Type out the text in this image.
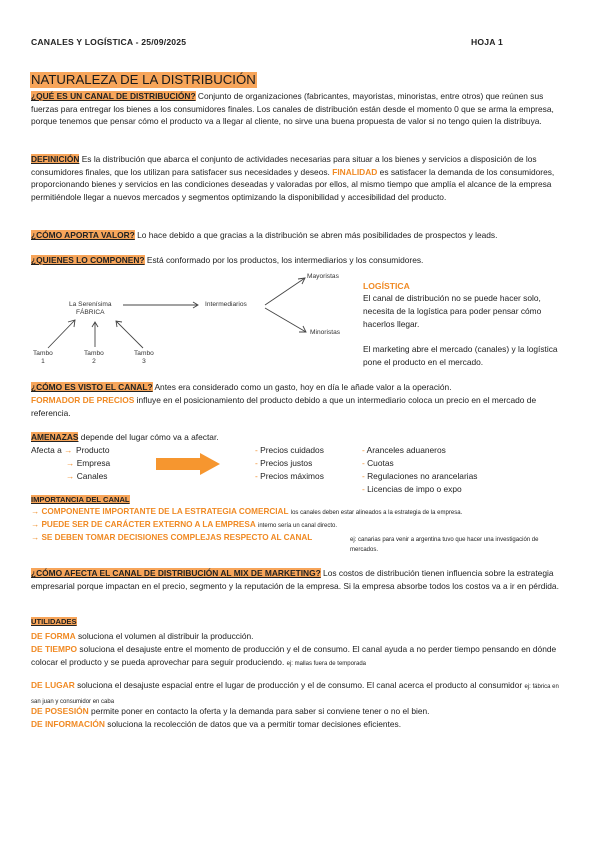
CANALES Y LOGÍSTICA - 25/09/2025	HOJA 1
NATURALEZA DE LA DISTRIBUCIÓN
¿QUÉ ES UN CANAL DE DISTRIBUCIÓN? Conjunto de organizaciones (fabricantes, mayoristas, minoristas, entre otros) que reúnen sus fuerzas para entregar los bienes a los consumidores finales. Los canales de distribución están desde el momento 0 que se arma la empresa, porque tenemos que pensar cómo el producto va a llegar al cliente, no sirve una buena propuesta de valor si no tengo quien la distribuya.
DEFINICIÓN Es la distribución que abarca el conjunto de actividades necesarias para situar a los bienes y servicios a disposición de los consumidores finales, que los utilizan para satisfacer sus necesidades y deseos. FINALIDAD es satisfacer la demanda de los consumidores, proporcionando bienes y servicios en las condiciones deseadas y valoradas por ellos, al mismo tiempo que amplía el alcance de la empresa permitiéndole llegar a nuevos mercados y segmentos optimizando la disponibilidad y accesibilidad del producto.
¿CÓMO APORTA VALOR? Lo hace debido a que gracias a la distribución se abren más posibilidades de prospectos y leads.
¿QUIENES LO COMPONEN? Está conformado por los productos, los intermediarios y los consumidores.
La Serenísima
FÁBRICA
Intermediarios
Mayoristas
Minoristas
Tambo
1
Tambo
2
Tambo
3
LOGÍSTICA
El canal de distribución no se puede hacer solo, necesita de la logística para poder pensar cómo hacerlos llegar.
El marketing abre el mercado (canales) y la logística pone el producto en el mercado.
¿CÓMO ES VISTO EL CANAL? Antes era considerado como un gasto, hoy en día le añade valor a la operación.
FORMADOR DE PRECIOS influye en el posicionamiento del producto debido a que un intermediario coloca un precio en el mercado de referencia.
AMENAZAS depende del lugar cómo va a afectar.
Afecta a → Producto
→ Empresa
→ Canales
- Precios cuidados
- Precios justos
- Precios máximos
- Aranceles aduaneros
- Cuotas
- Regulaciones no arancelarias
- Licencias de impo o expo
IMPORTANCIA DEL CANAL
→ COMPONENTE IMPORTANTE DE LA ESTRATEGIA COMERCIAL los canales deben estar alineados a la estrategia de la empresa.
→ PUEDE SER DE CARÁCTER EXTERNO A LA EMPRESA interno sería un canal directo.
→ SE DEBEN TOMAR DECISIONES COMPLEJAS RESPECTO AL CANAL	ej: canarias para venir a argentina tuvo que hacer una investigación de mercados.
¿CÓMO AFECTA EL CANAL DE DISTRIBUCIÓN AL MIX DE MARKETING? Los costos de distribución tienen influencia sobre la estrategia empresarial porque impactan en el precio, segmento y la reputación de la empresa. Si la empresa absorbe todos los costos va a ir en pérdida.
UTILIDADES
DE FORMA soluciona el volumen al distribuir la producción.
DE TIEMPO soluciona el desajuste entre el momento de producción y el de consumo. El canal ayuda a no perder tiempo pensando en dónde colocar el producto y se pueda aprovechar para seguir produciendo. ej: mallas fuera de temporada
DE LUGAR soluciona el desajuste espacial entre el lugar de producción y el de consumo. El canal acerca el producto al consumidor ej: fábrica en san juan y consumidor en caba
DE POSESIÓN permite poner en contacto la oferta y la demanda para saber si conviene tener o no el bien.
DE INFORMACIÓN soluciona la recolección de datos que va a permitir tomar decisiones eficientes.
